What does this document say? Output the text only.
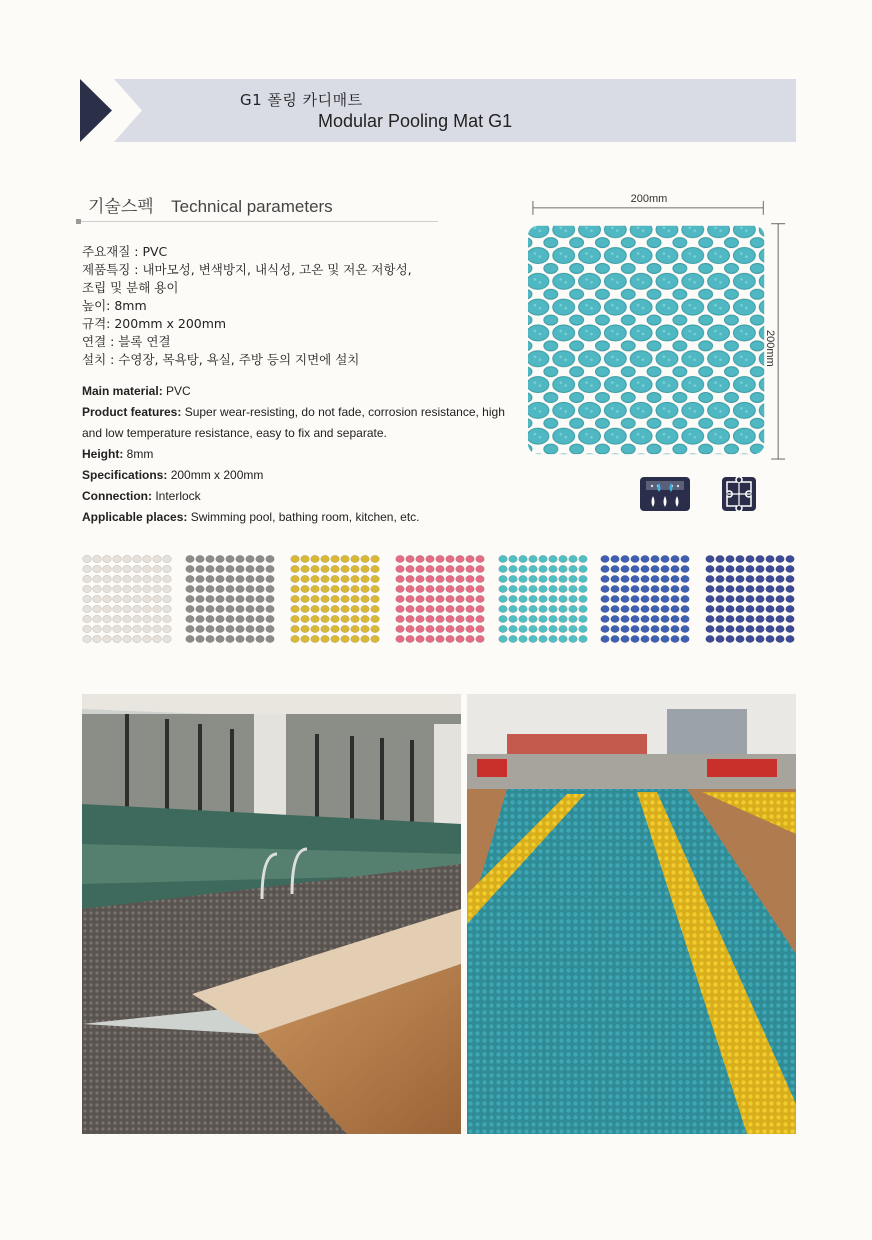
G1 폴링 카디매트
Modular Pooling Mat G1
기술스펙 Technical parameters
주요재질 : PVC
제품특징 : 내마모성, 변색방지, 내식성, 고온 및 저온 저항성,
조립 및 분해 용이
높이: 8mm
규격: 200mm x 200mm
연결 : 블록 연결
설치 : 수영장, 목욕탕, 욕실, 주방 등의 지면에 설치
Main material: PVC
Product features: Super wear-resisting, do not fade, corrosion resistance, high and low temperature resistance, easy to fix and separate.
Height: 8mm
Specifications: 200mm x 200mm
Connection: Interlock
Applicable places: Swimming pool, bathing room, kitchen, etc.
200mm
200mm
